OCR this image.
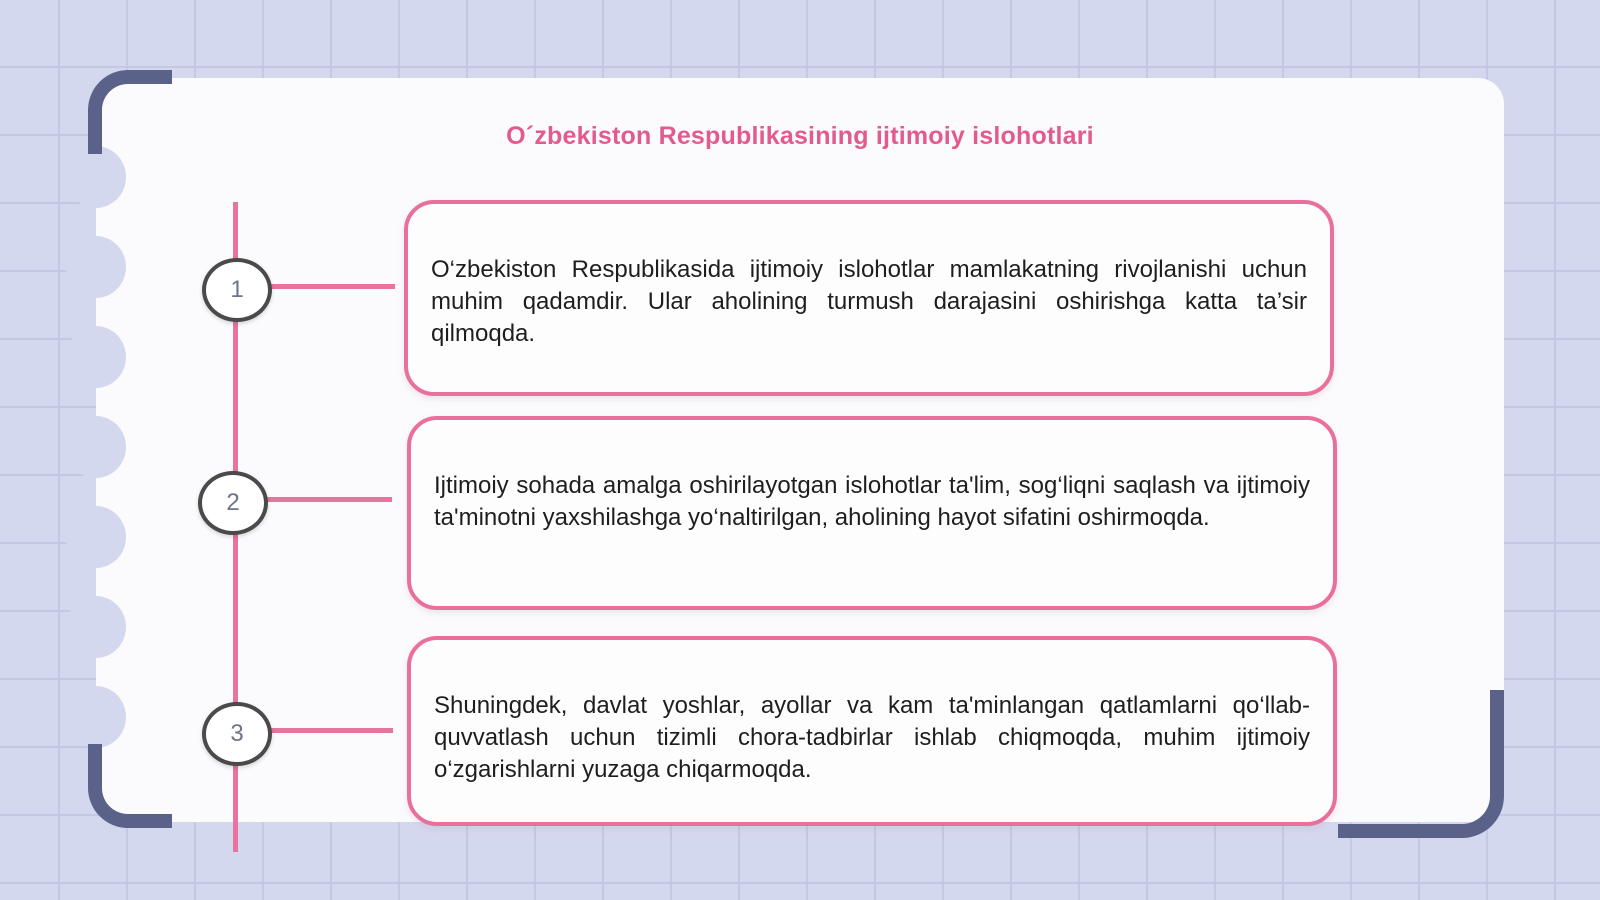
O´zbekiston Respublikasining ijtimoiy islohotlari
1
O‘zbekiston Respublikasida ijtimoiy islohotlar mamlakatning rivojlanishi uchun muhim qadamdir. Ular aholining turmush darajasini oshirishga katta ta’sir qilmoqda.
2
Ijtimoiy sohada amalga oshirilayotgan islohotlar ta'lim, sog‘liqni saqlash va ijtimoiy ta'minotni yaxshilashga yo‘naltirilgan, aholining hayot sifatini oshirmoqda.
3
Shuningdek, davlat yoshlar, ayollar va kam ta'minlangan qatlamlarni qo‘llab-quvvatlash uchun tizimli chora-tadbirlar ishlab chiqmoqda, muhim ijtimoiy o‘zgarishlarni yuzaga chiqarmoqda.
